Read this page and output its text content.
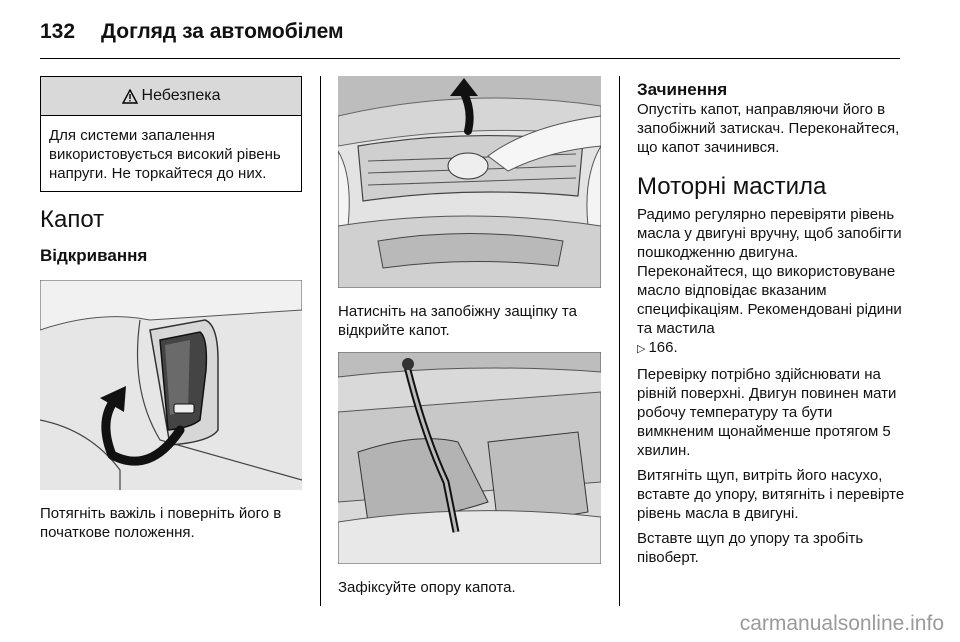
132 Догляд за автомобілем
Небезпека
Для системи запалення використовується високий рівень напруги. Не торкайтеся до них.
Капот
Відкривання
Потягніть важіль і поверніть його в початкове положення.
Натисніть на запобіжну защіпку та відкрийте капот.
Зафіксуйте опору капота.
Зачинення
Опустіть капот, направляючи його в запобіжний затискач. Переконайтеся, що капот зачинився.
Моторні мастила
Радимо регулярно перевіряти рівень масла у двигуні вручну, щоб запобігти пошкодженню двигуна. Переконайтеся, що використовуване масло відповідає вказаним специфікаціям. Рекомендовані рідини та мастила
▷ 166.
Перевірку потрібно здійснювати на рівній поверхні. Двигун повинен мати робочу температуру та бути вимкненим щонайменше протягом 5 хвилин.
Витягніть щуп, витріть його насухо, вставте до упору, витягніть і перевірте рівень масла в двигуні.
Вставте щуп до упору та зробіть півоберт.
carmanualsonline.info
